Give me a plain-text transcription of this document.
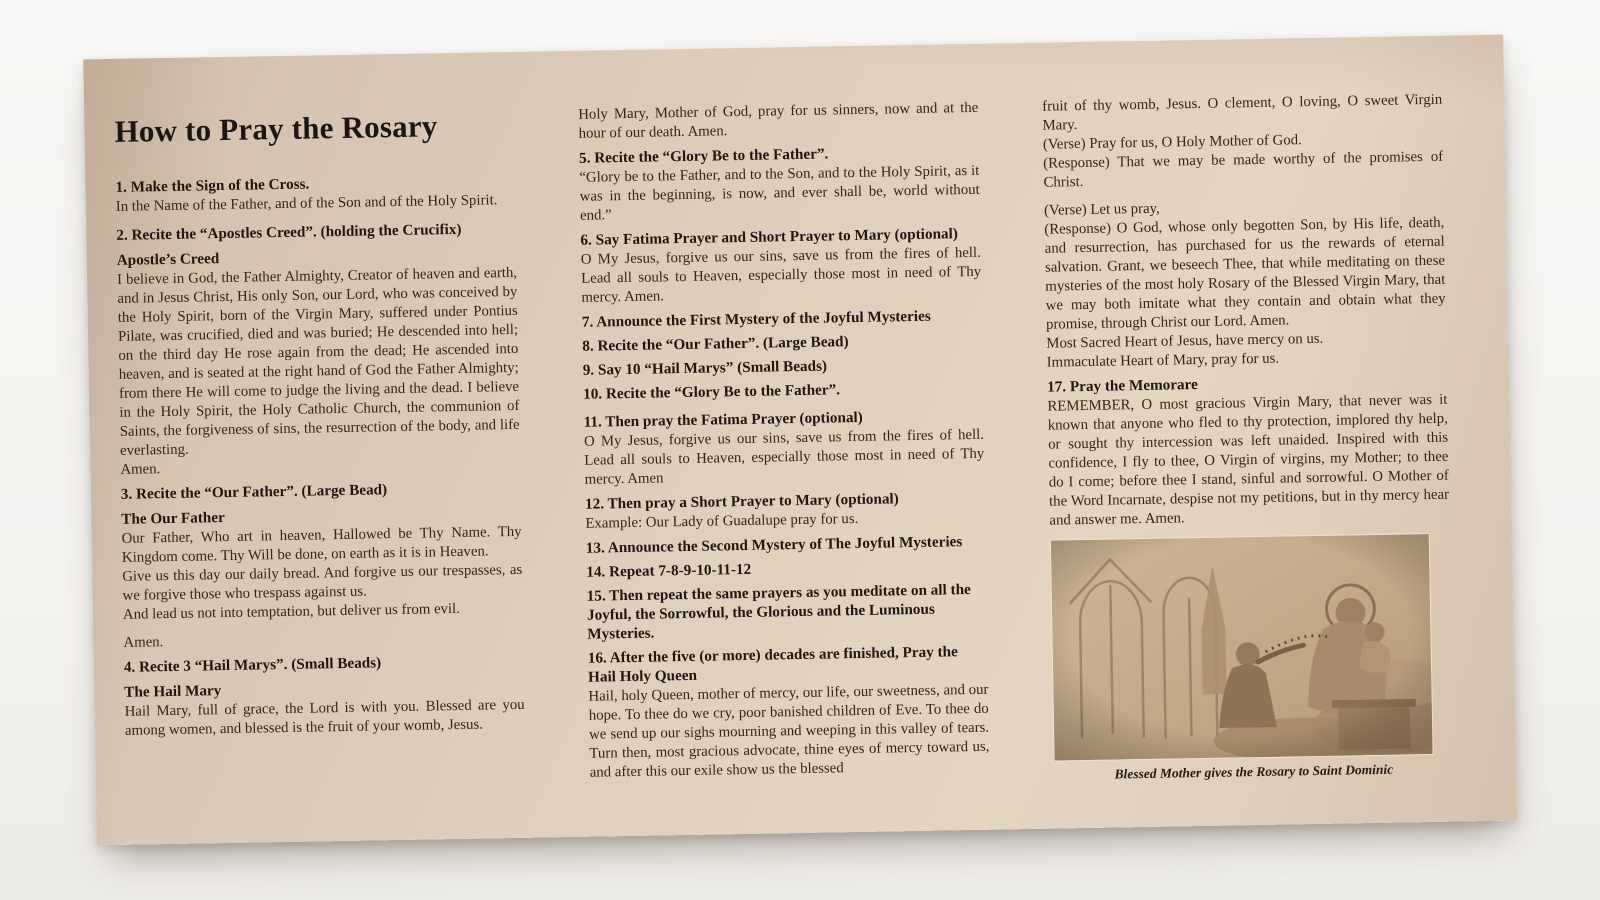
How to Pray the Rosary

1. Make the Sign of the Cross.

In the Name of the Father, and of the Son and of the Holy Spirit.

2. Recite the “Apostles Creed”. (holding the Crucifix)

Apostle’s Creed

I believe in God, the Father Almighty, Creator of heaven and earth, and in Jesus Christ, His only Son, our Lord, who was conceived by the Holy Spirit, born of the Virgin Mary, suffered under Pontius Pilate, was crucified, died and was buried; He descended into hell; on the third day He rose again from the dead; He ascended into heaven, and is seated at the right hand of God the Father Almighty; from there He will come to judge the living and the dead. I believe in the Holy Spirit, the Holy Catholic Church, the communion of Saints, the forgiveness of sins, the resurrection of the body, and life everlasting.

Amen.

3. Recite the “Our Father”. (Large Bead)

The Our Father

Our Father, Who art in heaven, Hallowed be Thy Name. Thy Kingdom come. Thy Will be done, on earth as it is in Heaven.

Give us this day our daily bread. And forgive us our trespasses, as we forgive those who trespass against us.

And lead us not into temptation, but deliver us from evil.

Amen.

4. Recite 3 “Hail Marys”. (Small Beads)

The Hail Mary

Hail Mary, full of grace, the Lord is with you. Blessed are you among women, and blessed is the fruit of your womb, Jesus.

Holy Mary, Mother of God, pray for us sinners, now and at the hour of our death. Amen.

5. Recite the “Glory Be to the Father”.

“Glory be to the Father, and to the Son, and to the Holy Spirit, as it was in the beginning, is now, and ever shall be, world without end.”

6. Say Fatima Prayer and Short Prayer to Mary (optional)

O My Jesus, forgive us our sins, save us from the fires of hell. Lead all souls to Heaven, especially those most in need of Thy mercy. Amen.

7. Announce the First Mystery of the Joyful Mysteries

8. Recite the “Our Father”. (Large Bead)

9. Say 10 “Hail Marys” (Small Beads)

10. Recite the “Glory Be to the Father”.

11. Then pray the Fatima Prayer (optional)

O My Jesus, forgive us our sins, save us from the fires of hell. Lead all souls to Heaven, especially those most in need of Thy mercy. Amen

12. Then pray a Short Prayer to Mary (optional)

Example: Our Lady of Guadalupe pray for us.

13. Announce the Second Mystery of The Joyful Mysteries

14. Repeat 7-8-9-10-11-12

15. Then repeat the same prayers as you meditate on all the Joyful, the Sorrowful, the Glorious and the Luminous Mysteries.

16. After the five (or more) decades are finished, Pray the Hail Holy Queen

Hail, holy Queen, mother of mercy, our life, our sweetness, and our hope. To thee do we cry, poor banished children of Eve. To thee do we send up our sighs mourning and weeping in this valley of tears. Turn then, most gracious advocate, thine eyes of mercy toward us, and after this our exile show us the blessed

fruit of thy womb, Jesus. O clement, O loving, O sweet Virgin Mary.

(Verse) Pray for us, O Holy Mother of God.

(Response) That we may be made worthy of the promises of Christ.

(Verse) Let us pray,

(Response) O God, whose only begotten Son, by His life, death, and resurrection, has purchased for us the rewards of eternal salvation. Grant, we beseech Thee, that while meditating on these mysteries of the most holy Rosary of the Blessed Virgin Mary, that we may both imitate what they contain and obtain what they promise, through Christ our Lord. Amen.

Most Sacred Heart of Jesus, have mercy on us.

Immaculate Heart of Mary, pray for us.

17. Pray the Memorare

REMEMBER, O most gracious Virgin Mary, that never was it known that anyone who fled to thy protection, implored thy help, or sought thy intercession was left unaided. Inspired with this confidence, I fly to thee, O Virgin of virgins, my Mother; to thee do I come; before thee I stand, sinful and sorrowful. O Mother of the Word Incarnate, despise not my petitions, but in thy mercy hear and answer me. Amen.

Blessed Mother gives the Rosary to Saint Dominic
